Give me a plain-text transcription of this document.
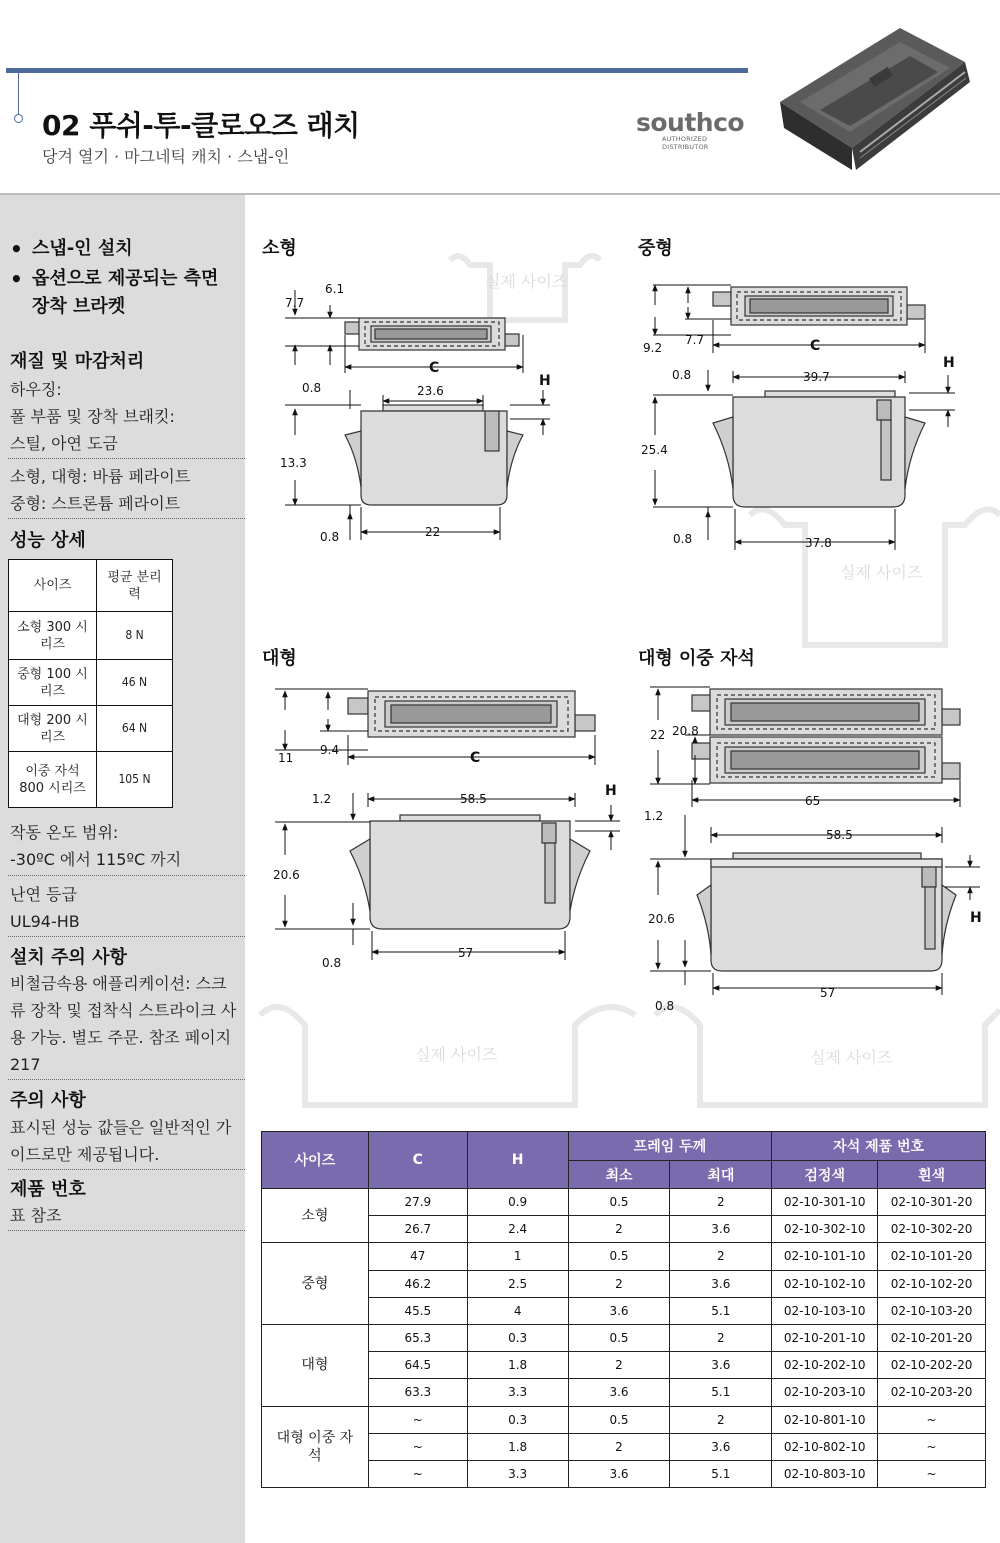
02 푸쉬-투-클로오즈 래치
당겨 열기 · 마그네틱 캐치 · 스냅-인
southco
AUTHORIZED DISTRIBUTOR
• 스냅-인 설치
• 옵션으로 제공되는 측면 장착 브라켓
재질 및 마감처리
하우징:
폴 부품 및 장착 브래킷:
스틸, 아연 도금
소형, 대형: 바륨 페라이트
중형: 스트론튬 페라이트
성능 상세
작동 온도 범위:
-30ºC 에서 115ºC 까지
난연 등급
UL94-HB
설치 주의 사항
비철금속용 애플리케이션: 스크류 장착 및 접착식 스트라이크 사용 가능. 별도 주문. 참조 페이지 217
주의 사항
표시된 성능 값들은 일반적인 가이드로만 제공됩니다.
제품 번호
표 참조
사이즈	평균 분리력
소형 300 시리즈	8 N
중형 100 시리즈	46 N
대형 200 시리즈	64 N
이중 자석 800 시리즈	105 N
실제 사이즈
실제 사이즈
실제 사이즈	실제 사이즈
소형	중형
대형	대형 이중 자석
7.7
6.1
C
H
0.8	23.6
13.3
0.8	22
9.2
7.7	C
H
0.8	39.7
25.4
0.8	37.8
11
9.4	C
H
1.2	58.5
20.6
0.8
57
22 20.8
65
1.2
58.5
H
20.6
0.8
57
사이즈	C	H	프레임 두께		자석 제품 번호	
			최소	최대	검정색	흰색
소형	27.9	0.9	0.5	2	02-10-301-10	02-10-301-20
	26.7	2.4	2	3.6	02-10-302-10	02-10-302-20
중형	47	1	0.5	2	02-10-101-10	02-10-101-20
	46.2	2.5	2	3.6	02-10-102-10	02-10-102-20
	45.5	4	3.6	5.1	02-10-103-10	02-10-103-20
대형	65.3	0.3	0.5	2	02-10-201-10	02-10-201-20
	64.5	1.8	2	3.6	02-10-202-10	02-10-202-20
	63.3	3.3	3.6	5.1	02-10-203-10	02-10-203-20
대형 이중 자석	~	0.3	0.5	2	02-10-801-10	~
	~	1.8	2	3.6	02-10-802-10	~
	~	3.3	3.6	5.1	02-10-803-10	~
